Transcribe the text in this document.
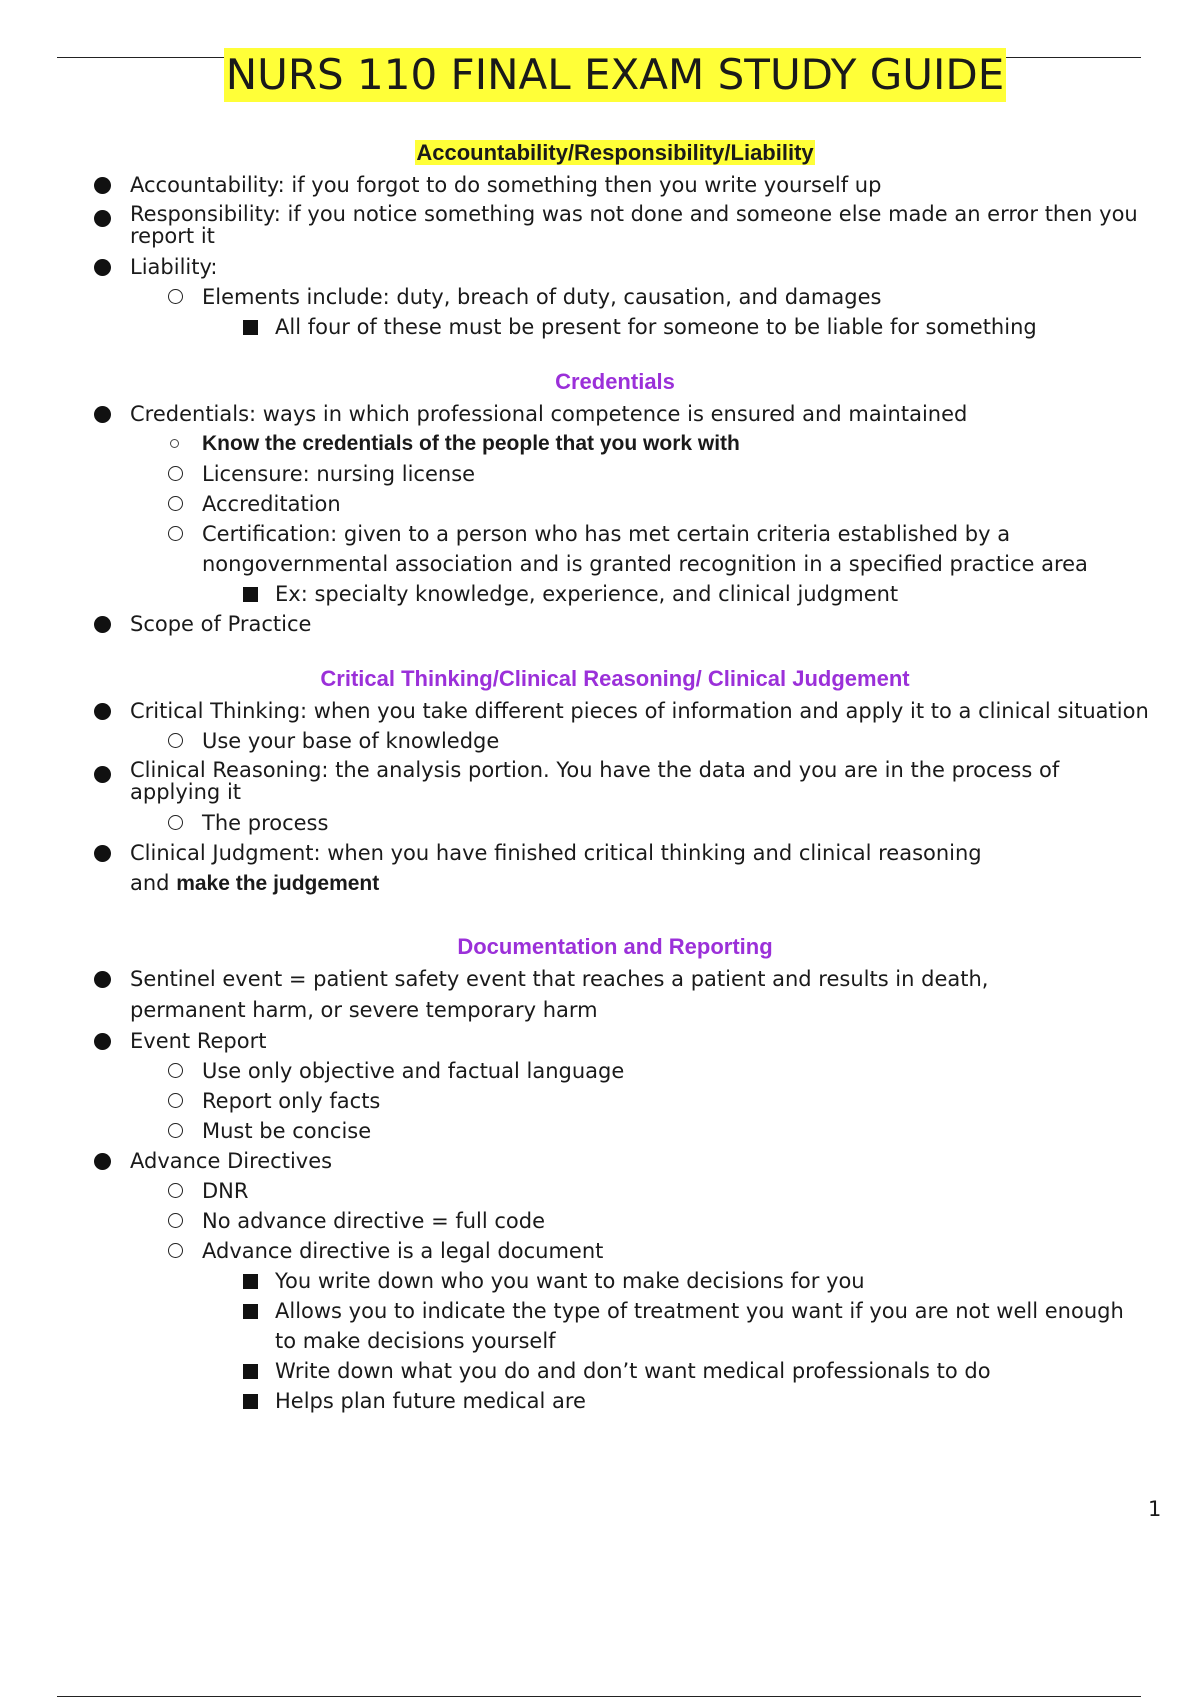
NURS 110 FINAL EXAM STUDY GUIDE
Accountability/Responsibility/Liability
Accountability: if you forgot to do something then you write yourself up
Responsibility: if you notice something was not done and someone else made an error then you
report it
Liability:
Elements include: duty, breach of duty, causation, and damages
All four of these must be present for someone to be liable for something
Credentials
Credentials: ways in which professional competence is ensured and maintained
Know the credentials of the people that you work with
Licensure: nursing license
Accreditation
Certification: given to a person who has met certain criteria established by a nongovernmental association and is granted recognition in a specified practice area
Ex: specialty knowledge, experience, and clinical judgment
Scope of Practice
Critical Thinking/Clinical Reasoning/ Clinical Judgement
Critical Thinking: when you take different pieces of information and apply it to a clinical situation
Use your base of knowledge
Clinical Reasoning: the analysis portion. You have the data and you are in the process of
applying it
The process
Clinical Judgment: when you have finished critical thinking and clinical reasoning
and make the judgement
Documentation and Reporting
Sentinel event = patient safety event that reaches a patient and results in death, permanent harm, or severe temporary harm
Event Report
Use only objective and factual language
Report only facts
Must be concise
Advance Directives
DNR
No advance directive = full code
Advance directive is a legal document
You write down who you want to make decisions for you
Allows you to indicate the type of treatment you want if you are not well enough to make decisions yourself
Write down what you do and don’t want medical professionals to do
Helps plan future medical are
1
